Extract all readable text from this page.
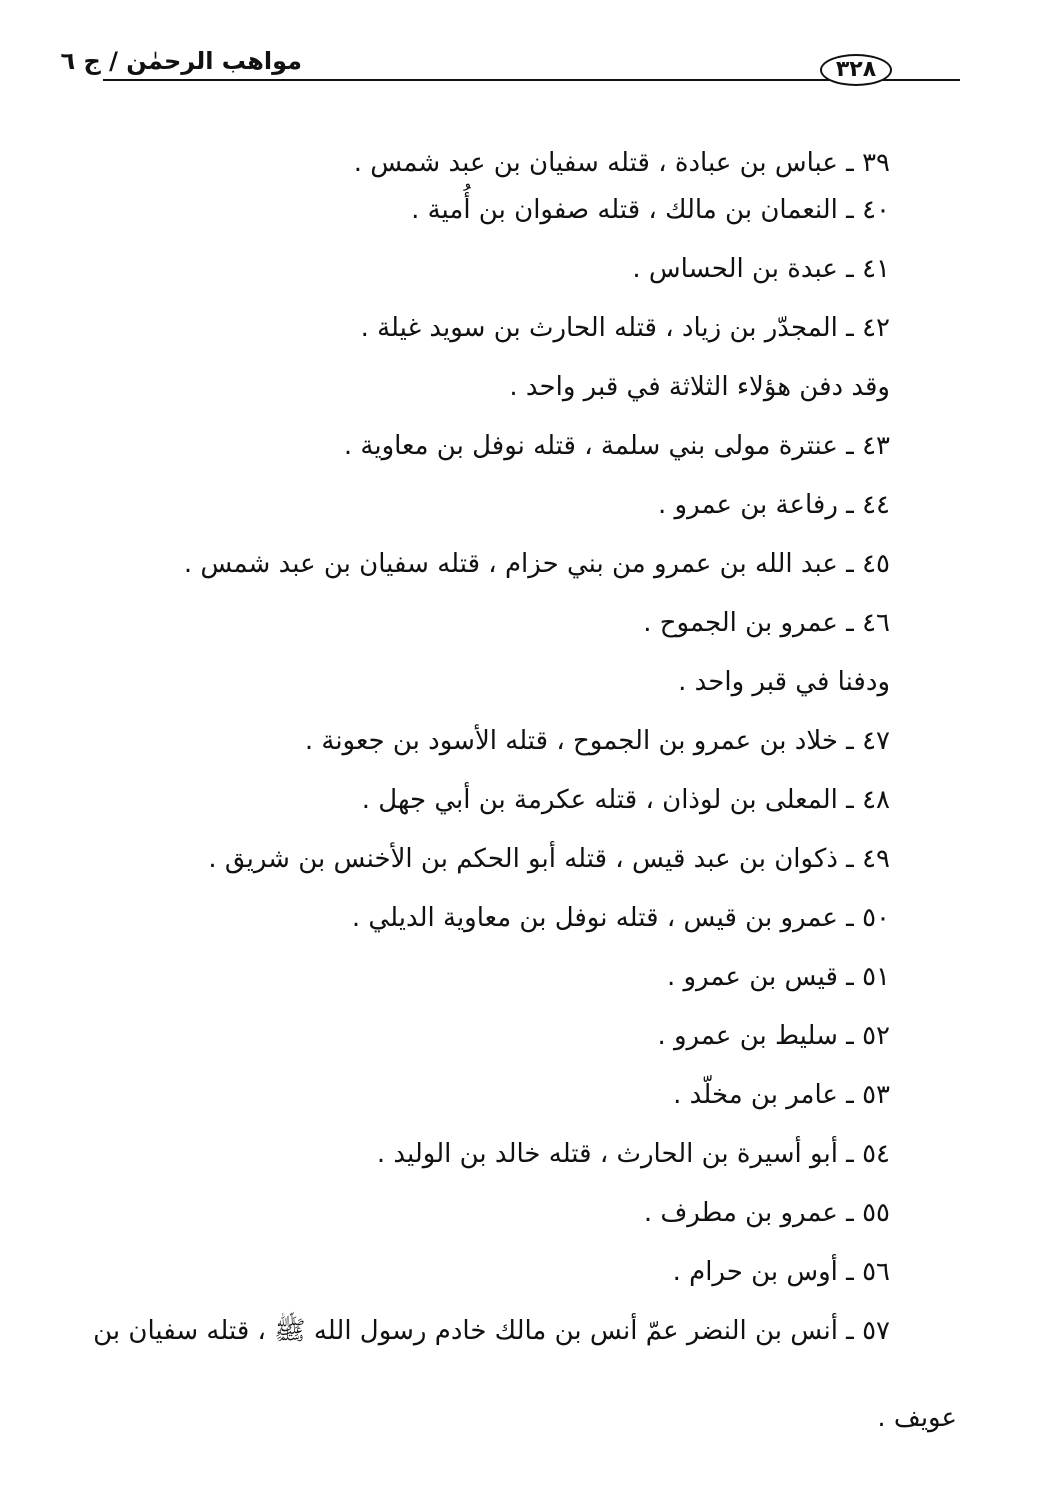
مواهب الرحمٰن / ج ٦	٣٢٨
٣٩ ـ عباس بن عبادة ، قتله سفيان بن عبد شمس .
٤٠ ـ النعمان بن مالك ، قتله صفوان بن أُمية .
٤١ ـ عبدة بن الحساس .
٤٢ ـ المجدّر بن زياد ، قتله الحارث بن سويد غيلة .
وقد دفن هؤلاء الثلاثة في قبر واحد .
٤٣ ـ عنترة مولى بني سلمة ، قتله نوفل بن معاوية .
٤٤ ـ رفاعة بن عمرو .
٤٥ ـ عبد الله بن عمرو من بني حزام ، قتله سفيان بن عبد شمس .
٤٦ ـ عمرو بن الجموح .
ودفنا في قبر واحد .
٤٧ ـ خلاد بن عمرو بن الجموح ، قتله الأسود بن جعونة .
٤٨ ـ المعلى بن لوذان ، قتله عكرمة بن أبي جهل .
٤٩ ـ ذكوان بن عبد قيس ، قتله أبو الحكم بن الأخنس بن شريق .
٥٠ ـ عمرو بن قيس ، قتله نوفل بن معاوية الديلي .
٥١ ـ قيس بن عمرو .
٥٢ ـ سليط بن عمرو .
٥٣ ـ عامر بن مخلّد .
٥٤ ـ أبو أسيرة بن الحارث ، قتله خالد بن الوليد .
٥٥ ـ عمرو بن مطرف .
٥٦ ـ أوس بن حرام .
٥٧ ـ أنس بن النضر عمّ أنس بن مالك خادم رسول الله ﷺ ، قتله سفيان بن
عويف .
